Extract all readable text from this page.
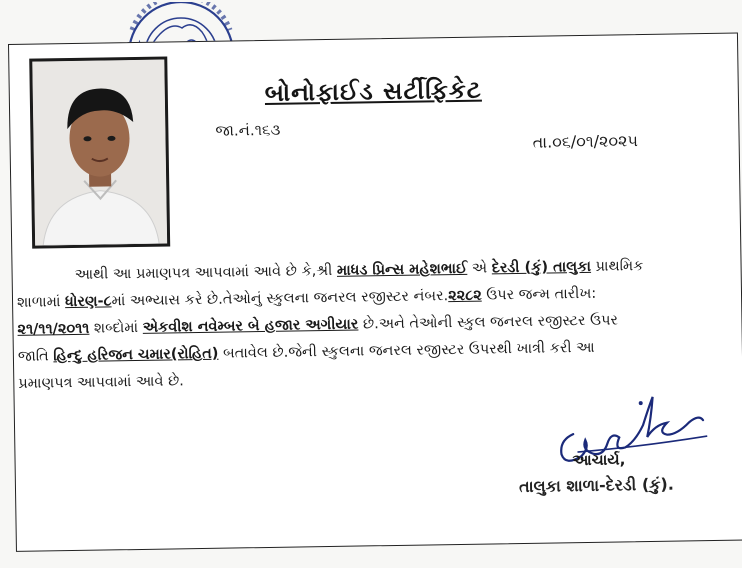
બોનોફાઈડ સર્ટીફિકેટ
જા.નં.૧૬૩
તા.૦૬/૦૧/૨૦૨૫
આથી આ પ્રમાણપત્ર આપવામાં આવે છે કે,શ્રી માધડ પ્રિન્સ મહેશભાઈ એ દેરડી (કું) તાલુકા પ્રાથમિક
શાળામાં ધોરણ-૮માં અભ્યાસ કરે છે.તેઓનું સ્કુલના જનરલ રજીસ્ટર નંબર.૨૨૮૨ ઉપર જન્મ તારીખ:
૨૧/૧૧/૨૦૧૧ શબ્દોમાં એકવીશ નવેમ્બર બે હજાર અગીયાર છે.અને તેઓની સ્કુલ જનરલ રજીસ્ટર ઉપર
જાતિ હિન્દુ હરિજન ચમાર(રોહિત) બતાવેલ છે.જેની સ્કુલના જનરલ રજીસ્ટર ઉપરથી ખાત્રી કરી આ
પ્રમાણપત્ર આપવામાં આવે છે.
આચાર્ય,
તાલુકા શાળા-દેરડી (કું).
